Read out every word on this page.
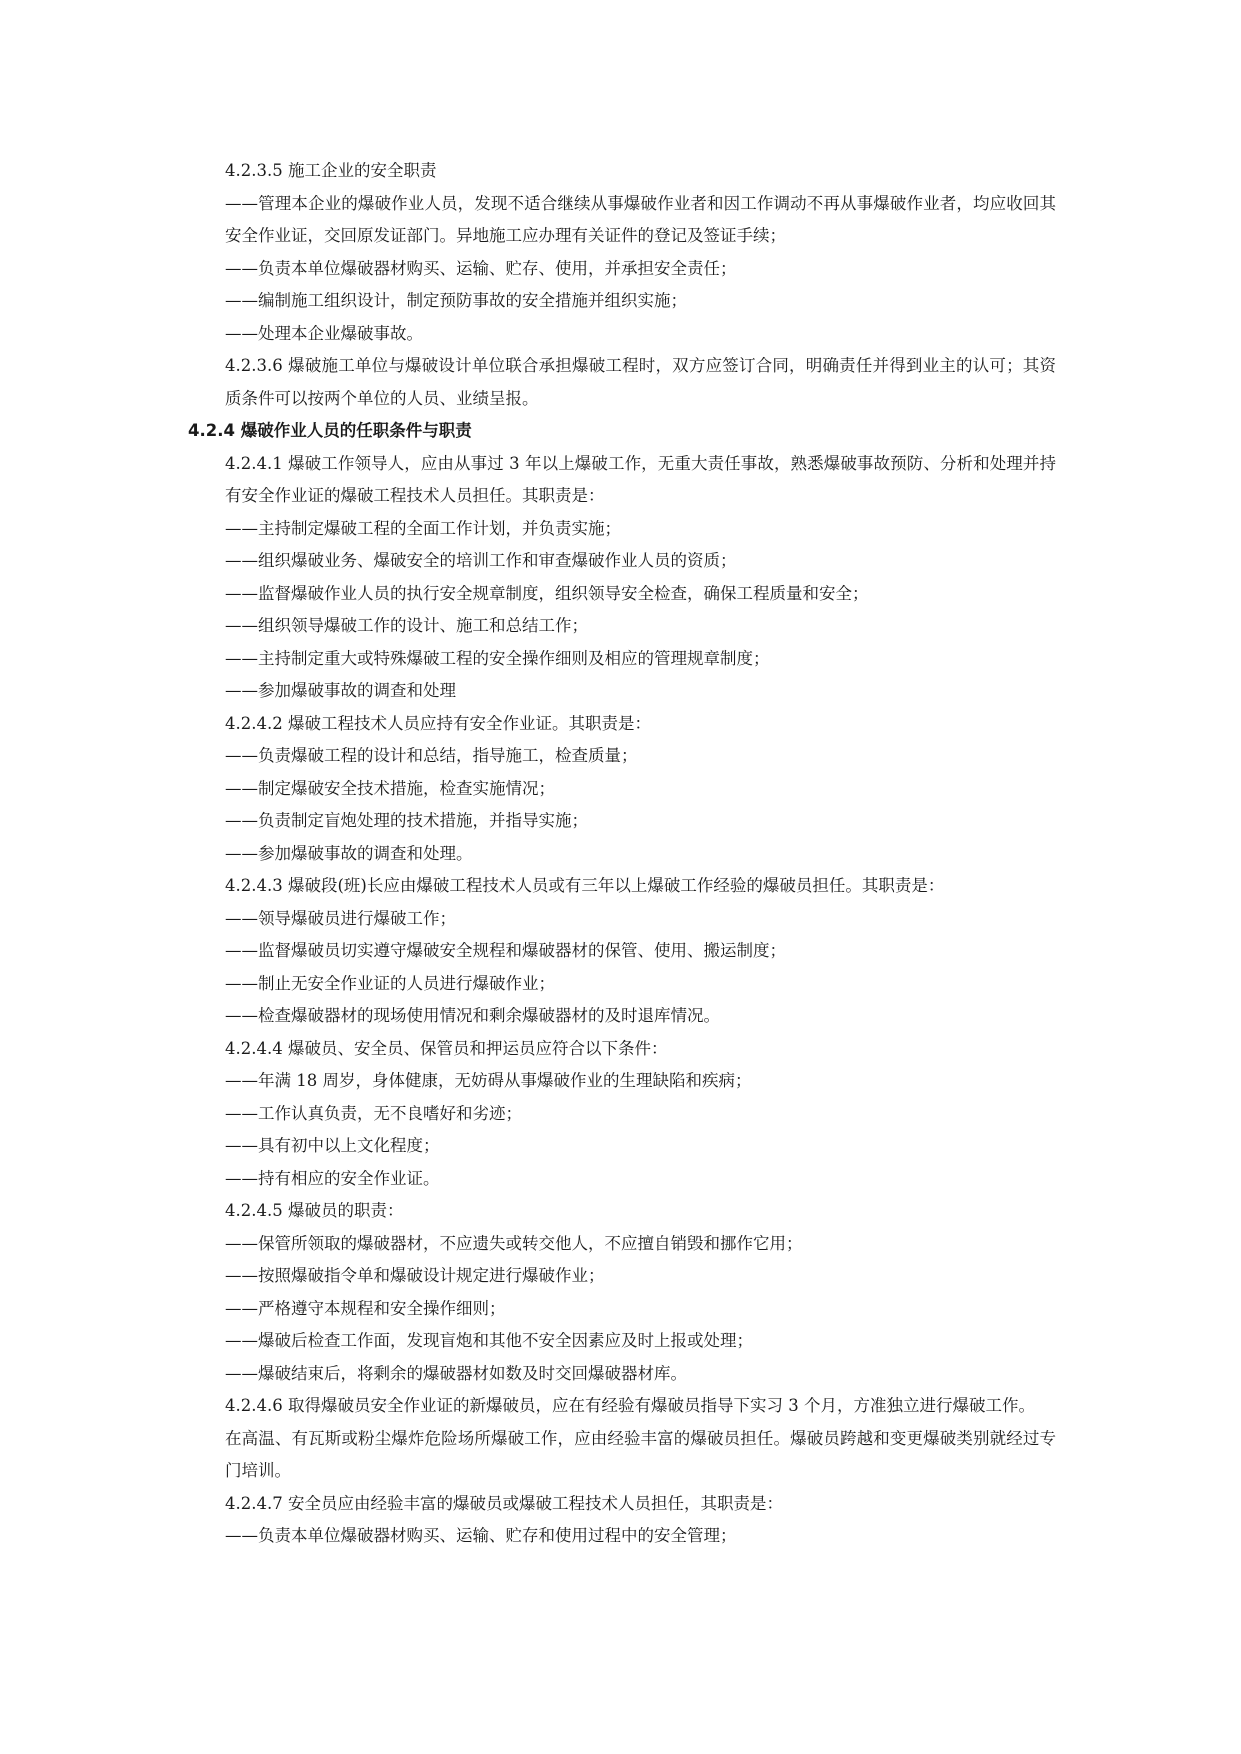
4.2.3.5 施工企业的安全职责
——管理本企业的爆破作业人员，发现不适合继续从事爆破作业者和因工作调动不再从事爆破作业者，均应收回其安全作业证，交回原发证部门。异地施工应办理有关证件的登记及签证手续；
——负责本单位爆破器材购买、运输、贮存、使用，并承担安全责任；
——编制施工组织设计，制定预防事故的安全措施并组织实施；
——处理本企业爆破事故。
4.2.3.6 爆破施工单位与爆破设计单位联合承担爆破工程时，双方应签订合同，明确责任并得到业主的认可；其资质条件可以按两个单位的人员、业绩呈报。
4.2.4 爆破作业人员的任职条件与职责
4.2.4.1 爆破工作领导人，应由从事过 3 年以上爆破工作，无重大责任事故，熟悉爆破事故预防、分析和处理并持有安全作业证的爆破工程技术人员担任。其职责是：
——主持制定爆破工程的全面工作计划，并负责实施；
——组织爆破业务、爆破安全的培训工作和审查爆破作业人员的资质；
——监督爆破作业人员的执行安全规章制度，组织领导安全检查，确保工程质量和安全；
——组织领导爆破工作的设计、施工和总结工作；
——主持制定重大或特殊爆破工程的安全操作细则及相应的管理规章制度；
——参加爆破事故的调查和处理
4.2.4.2 爆破工程技术人员应持有安全作业证。其职责是：
——负责爆破工程的设计和总结，指导施工，检查质量；
——制定爆破安全技术措施，检查实施情况；
——负责制定盲炮处理的技术措施，并指导实施；
——参加爆破事故的调查和处理。
4.2.4.3 爆破段(班)长应由爆破工程技术人员或有三年以上爆破工作经验的爆破员担任。其职责是：
——领导爆破员进行爆破工作；
——监督爆破员切实遵守爆破安全规程和爆破器材的保管、使用、搬运制度；
——制止无安全作业证的人员进行爆破作业；
——检查爆破器材的现场使用情况和剩余爆破器材的及时退库情况。
4.2.4.4 爆破员、安全员、保管员和押运员应符合以下条件：
——年满 18 周岁，身体健康，无妨碍从事爆破作业的生理缺陷和疾病；
——工作认真负责，无不良嗜好和劣迹；
——具有初中以上文化程度；
——持有相应的安全作业证。
4.2.4.5 爆破员的职责：
——保管所领取的爆破器材，不应遗失或转交他人，不应擅自销毁和挪作它用；
——按照爆破指令单和爆破设计规定进行爆破作业；
——严格遵守本规程和安全操作细则；
——爆破后检查工作面，发现盲炮和其他不安全因素应及时上报或处理；
——爆破结束后，将剩余的爆破器材如数及时交回爆破器材库。
4.2.4.6 取得爆破员安全作业证的新爆破员，应在有经验有爆破员指导下实习 3 个月，方准独立进行爆破工作。
在高温、有瓦斯或粉尘爆炸危险场所爆破工作，应由经验丰富的爆破员担任。爆破员跨越和变更爆破类别就经过专门培训。
4.2.4.7 安全员应由经验丰富的爆破员或爆破工程技术人员担任，其职责是：
——负责本单位爆破器材购买、运输、贮存和使用过程中的安全管理；
